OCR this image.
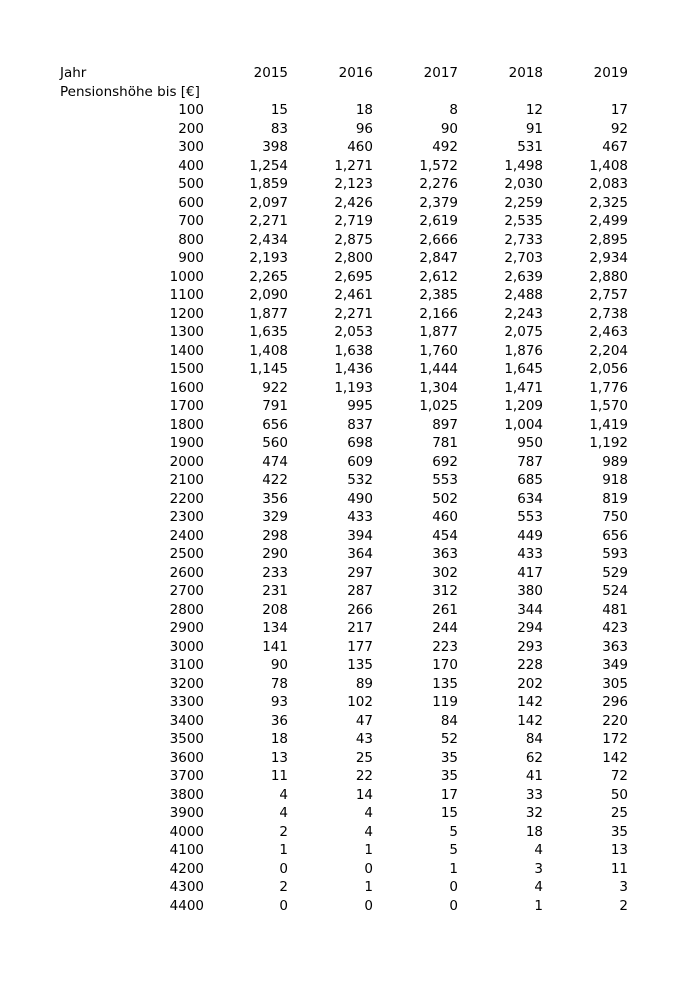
Jahr	2015	2016	2017	2018	2019
Pensionshöhe bis [€]
100	15	18	8	12	17
200	83	96	90	91	92
300	398	460	492	531	467
400	1,254	1,271	1,572	1,498	1,408
500	1,859	2,123	2,276	2,030	2,083
600	2,097	2,426	2,379	2,259	2,325
700	2,271	2,719	2,619	2,535	2,499
800	2,434	2,875	2,666	2,733	2,895
900	2,193	2,800	2,847	2,703	2,934
1000	2,265	2,695	2,612	2,639	2,880
1100	2,090	2,461	2,385	2,488	2,757
1200	1,877	2,271	2,166	2,243	2,738
1300	1,635	2,053	1,877	2,075	2,463
1400	1,408	1,638	1,760	1,876	2,204
1500	1,145	1,436	1,444	1,645	2,056
1600	922	1,193	1,304	1,471	1,776
1700	791	995	1,025	1,209	1,570
1800	656	837	897	1,004	1,419
1900	560	698	781	950	1,192
2000	474	609	692	787	989
2100	422	532	553	685	918
2200	356	490	502	634	819
2300	329	433	460	553	750
2400	298	394	454	449	656
2500	290	364	363	433	593
2600	233	297	302	417	529
2700	231	287	312	380	524
2800	208	266	261	344	481
2900	134	217	244	294	423
3000	141	177	223	293	363
3100	90	135	170	228	349
3200	78	89	135	202	305
3300	93	102	119	142	296
3400	36	47	84	142	220
3500	18	43	52	84	172
3600	13	25	35	62	142
3700	11	22	35	41	72
3800	4	14	17	33	50
3900	4	4	15	32	25
4000	2	4	5	18	35
4100	1	1	5	4	13
4200	0	0	1	3	11
4300	2	1	0	4	3
4400	0	0	0	1	2
